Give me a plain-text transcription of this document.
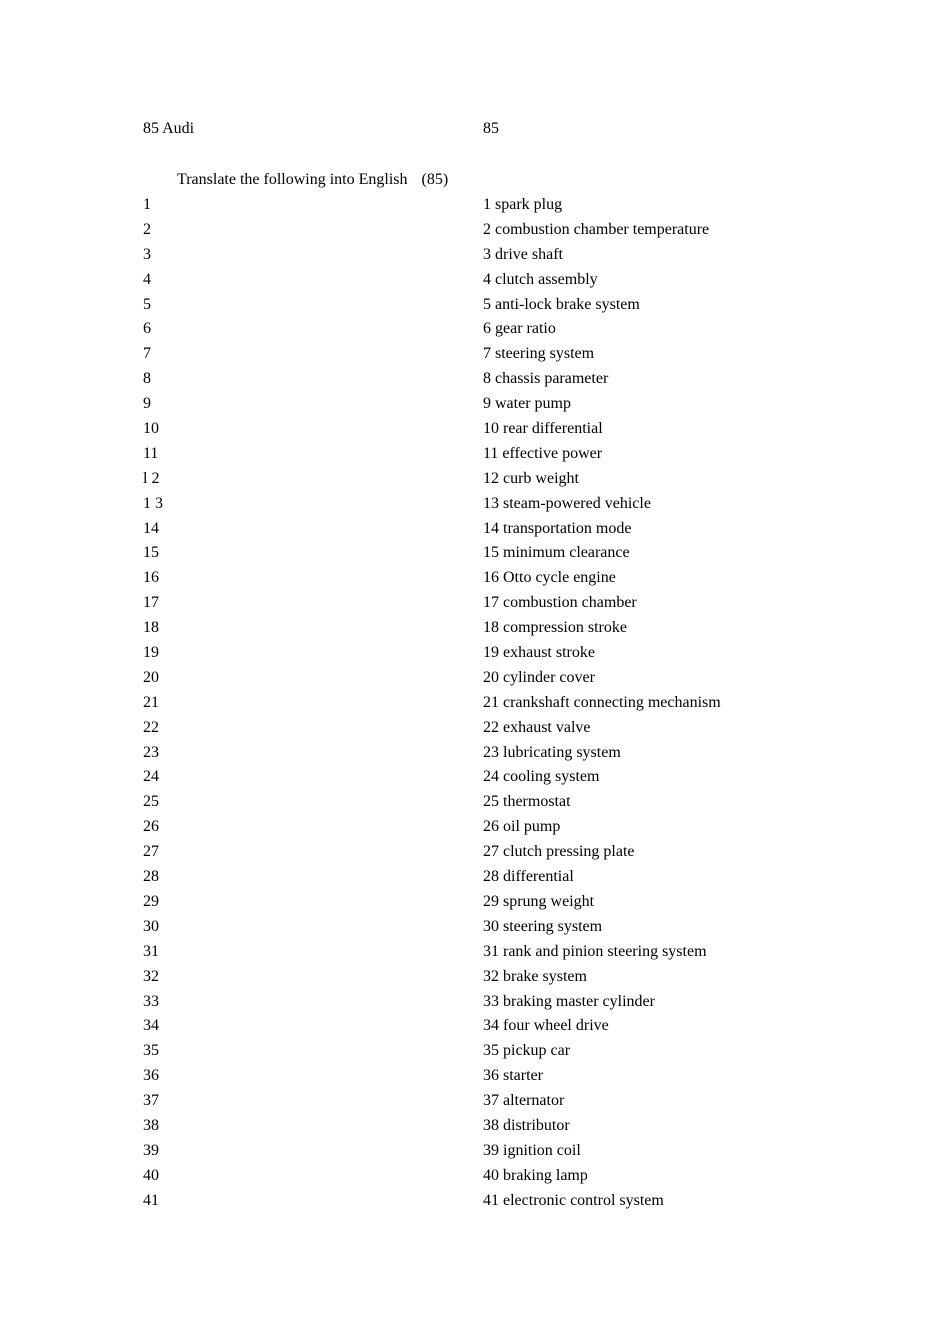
85 Audi	85
Translate the following into English (85)
1	1 spark plug
2	2 combustion chamber temperature
3	3 drive shaft
4	4 clutch assembly
5	5 anti-lock brake system
6	6 gear ratio
7	7 steering system
8	8 chassis parameter
9	9 water pump
10	10 rear differential
11	11 effective power
l 2	12 curb weight
1 3	13 steam-powered vehicle
14	14 transportation mode
15	15 minimum clearance
16	16 Otto cycle engine
17	17 combustion chamber
18	18 compression stroke
19	19 exhaust stroke
20	20 cylinder cover
21	21 crankshaft connecting mechanism
22	22 exhaust valve
23	23 lubricating system
24	24 cooling system
25	25 thermostat
26	26 oil pump
27	27 clutch pressing plate
28	28 differential
29	29 sprung weight
30	30 steering system
31	31 rank and pinion steering system
32	32 brake system
33	33 braking master cylinder
34	34 four wheel drive
35	35 pickup car
36	36 starter
37	37 alternator
38	38 distributor
39	39 ignition coil
40	40 braking lamp
41	41 electronic control system
